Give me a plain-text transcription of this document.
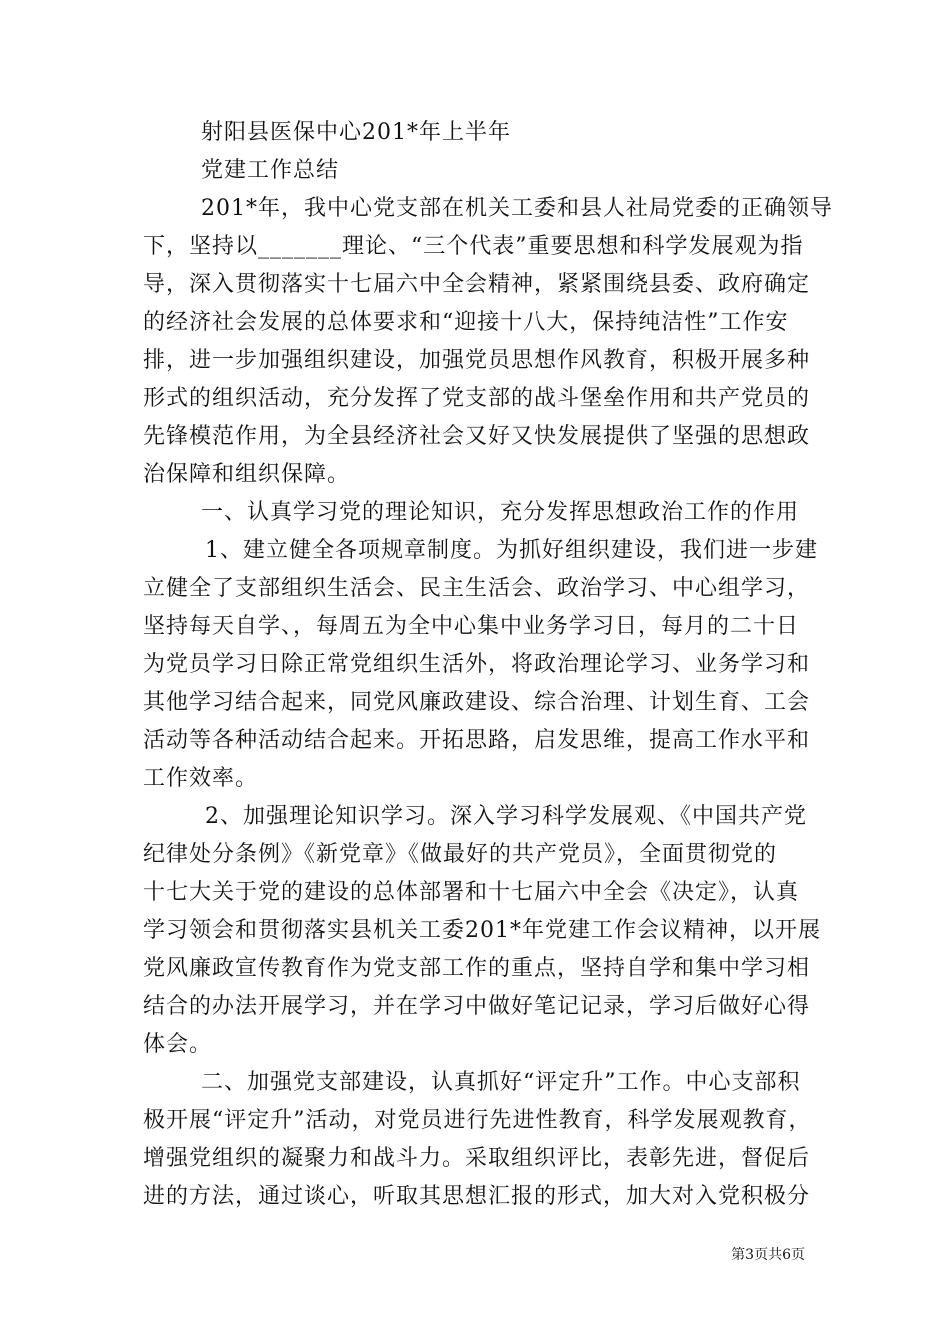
射阳县医保中心201*年上半年
党建工作总结
201*年，我中心党支部在机关工委和县人社局党委的正确领导
下，坚持以_______理论、“三个代表”重要思想和科学发展观为指
导，深入贯彻落实十七届六中全会精神，紧紧围绕县委、政府确定
的经济社会发展的总体要求和“迎接十八大，保持纯洁性”工作安
排，进一步加强组织建设，加强党员思想作风教育，积极开展多种
形式的组织活动，充分发挥了党支部的战斗堡垒作用和共产党员的
先锋模范作用，为全县经济社会又好又快发展提供了坚强的思想政
治保障和组织保障。
一、认真学习党的理论知识，充分发挥思想政治工作的作用
1、建立健全各项规章制度。为抓好组织建设，我们进一步建
立健全了支部组织生活会、民主生活会、政治学习、中心组学习，
坚持每天自学、，每周五为全中心集中业务学习日，每月的二十日
为党员学习日除正常党组织生活外，将政治理论学习、业务学习和
其他学习结合起来，同党风廉政建设、综合治理、计划生育、工会
活动等各种活动结合起来。开拓思路，启发思维，提高工作水平和
工作效率。
2、加强理论知识学习。深入学习科学发展观、《中国共产党
纪律处分条例》《新党章》《做最好的共产党员》，全面贯彻党的
十七大关于党的建设的总体部署和十七届六中全会《决定》，认真
学习领会和贯彻落实县机关工委201*年党建工作会议精神，以开展
党风廉政宣传教育作为党支部工作的重点，坚持自学和集中学习相
结合的办法开展学习，并在学习中做好笔记记录，学习后做好心得
体会。
二、加强党支部建设，认真抓好“评定升”工作。中心支部积
极开展“评定升”活动，对党员进行先进性教育，科学发展观教育，
增强党组织的凝聚力和战斗力。采取组织评比，表彰先进，督促后
进的方法，通过谈心，听取其思想汇报的形式，加大对入党积极分
第3页共6页
